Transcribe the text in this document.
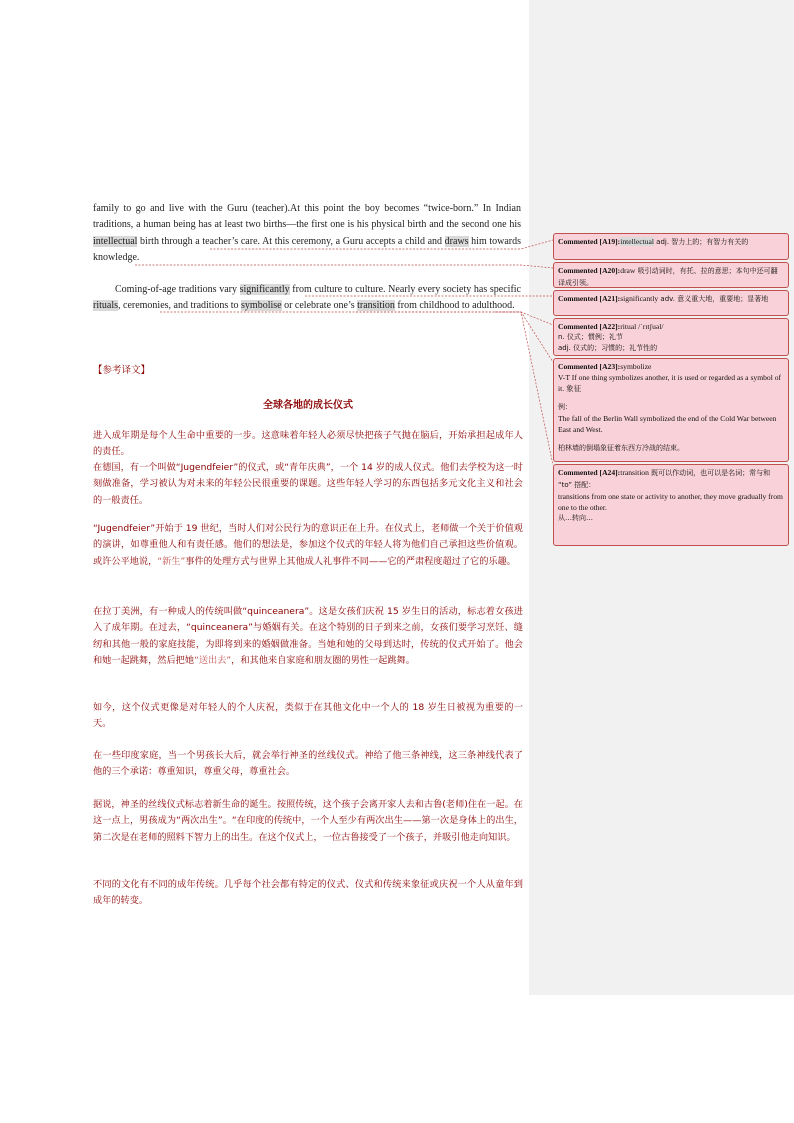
family to go and live with the Guru (teacher).At this point the boy becomes “twice-born.” In Indian traditions, a human being has at least two births—the first one is his physical birth and the second one his intellectual birth through a teacher’s care. At this ceremony, a Guru accepts a child and draws him towards knowledge.

Coming-of-age traditions vary significantly from culture to culture. Nearly every society has specific rituals, ceremonies, and traditions to symbolise or celebrate one’s transition from childhood to adulthood.

【参考译文】

全球各地的成长仪式

进入成年期是每个人生命中重要的一步。这意味着年轻人必须尽快把孩子气抛在脑后，开始承担起成年人的责任。

在德国，有一个叫做“Jugendfeier”的仪式，或“青年庆典”，一个 14 岁的成人仪式。他们去学校为这一时刻做准备，学习被认为对未来的年轻公民很重要的课题。这些年轻人学习的东西包括多元文化主义和社会的一般责任。

“Jugendfeier”开始于 19 世纪，当时人们对公民行为的意识正在上升。在仪式上，老师做一个关于价值观的演讲，如尊重他人和有责任感。他们的想法是，参加这个仪式的年轻人将为他们自己承担这些价值观。或许公平地说，“新生”事件的处理方式与世界上其他成人礼事件不同——它的严肃程度超过了它的乐趣。

在拉丁美洲，有一种成人的传统叫做“quinceanera”。这是女孩们庆祝 15 岁生日的活动，标志着女孩进入了成年期。在过去，“quinceanera”与婚姻有关。在这个特别的日子到来之前，女孩们要学习烹饪、缝纫和其他一般的家庭技能，为即将到来的婚姻做准备。当她和她的父母到达时，传统的仪式开始了。他会和她一起跳舞，然后把她“送出去”，和其他来自家庭和朋友圈的男性一起跳舞。

如今，这个仪式更像是对年轻人的个人庆祝，类似于在其他文化中一个人的 18 岁生日被视为重要的一天。

在一些印度家庭，当一个男孩长大后，就会举行神圣的丝线仪式。神给了他三条神线，这三条神线代表了他的三个承诺：尊重知识，尊重父母，尊重社会。

据说，神圣的丝线仪式标志着新生命的诞生。按照传统，这个孩子会离开家人去和古鲁(老师)住在一起。在这一点上，男孩成为“两次出生”。“在印度的传统中，一个人至少有两次出生——第一次是身体上的出生，第二次是在老师的照料下智力上的出生。在这个仪式上，一位古鲁接受了一个孩子，并吸引他走向知识。

不同的文化有不同的成年传统。几乎每个社会都有特定的仪式、仪式和传统来象征或庆祝一个人从童年到成年的转变。

Commented [A19]:intellectual adj. 智力上的；有智力有关的
Commented [A20]:draw 吸引动词时，有托、拉的意思；本句中还可翻译成引领。
Commented [A21]:significantly adv. 意义重大地，重要地；显著地
Commented [A22]:ritual /ˈrɪtʃuəl/
n. 仪式；惯例；礼节
adj. 仪式的；习惯的；礼节性的
Commented [A23]:symbolize
V-T If one thing symbolizes another, it is used or regarded as a symbol of it. 象征
例：
The fall of the Berlin Wall symbolized the end of the Cold War between East and West.
柏林墙的倒塌象征着东西方冷战的结束。
Commented [A24]:transition 既可以作动词，也可以是名词；常与和 “to” 搭配：
transitions from one state or activity to another, they move gradually from one to the other.
从…转向…
